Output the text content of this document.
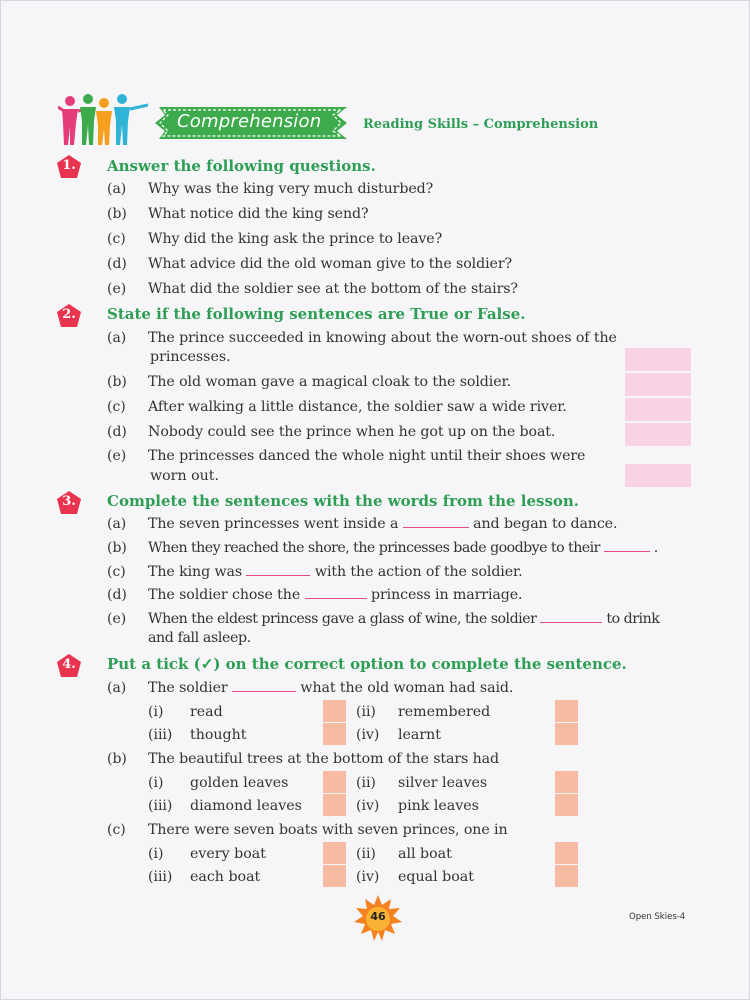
Comprehension	Reading Skills – Comprehension
1.	Answer the following questions.
(a) Why was the king very much disturbed?
(b) What notice did the king send?
(c) Why did the king ask the prince to leave?
(d) What advice did the old woman give to the soldier?
(e) What did the soldier see at the bottom of the stairs?
2.	State if the following sentences are True or False.
(a) The prince succeeded in knowing about the worn-out shoes of the
princesses.
(b) The old woman gave a magical cloak to the soldier.
(c) After walking a little distance, the soldier saw a wide river.
(d) Nobody could see the prince when he got up on the boat.
(e) The princesses danced the whole night until their shoes were
worn out.
3.	Complete the sentences with the words from the lesson.
(a) The seven princesses went inside a	and began to dance.
(b) When they reached the shore, the princesses bade goodbye to their	.
(c) The king was	with the action of the soldier.
(d) The soldier chose the	princess in marriage.
(e) When the eldest princess gave a glass of wine, the soldier	to drink
and fall asleep.
4.	Put a tick (✓) on the correct option to complete the sentence.
(a) The soldier	what the old woman had said.
(i) read	(ii) remembered
(iii) thought	(iv) learnt
(b) The beautiful trees at the bottom of the stars had
(i) golden leaves	(ii) silver leaves
(iii) diamond leaves	(iv) pink leaves
(c) There were seven boats with seven princes, one in
(i) every boat	(ii) all boat
(iii) each boat	(iv) equal boat
46	Open Skies-4
